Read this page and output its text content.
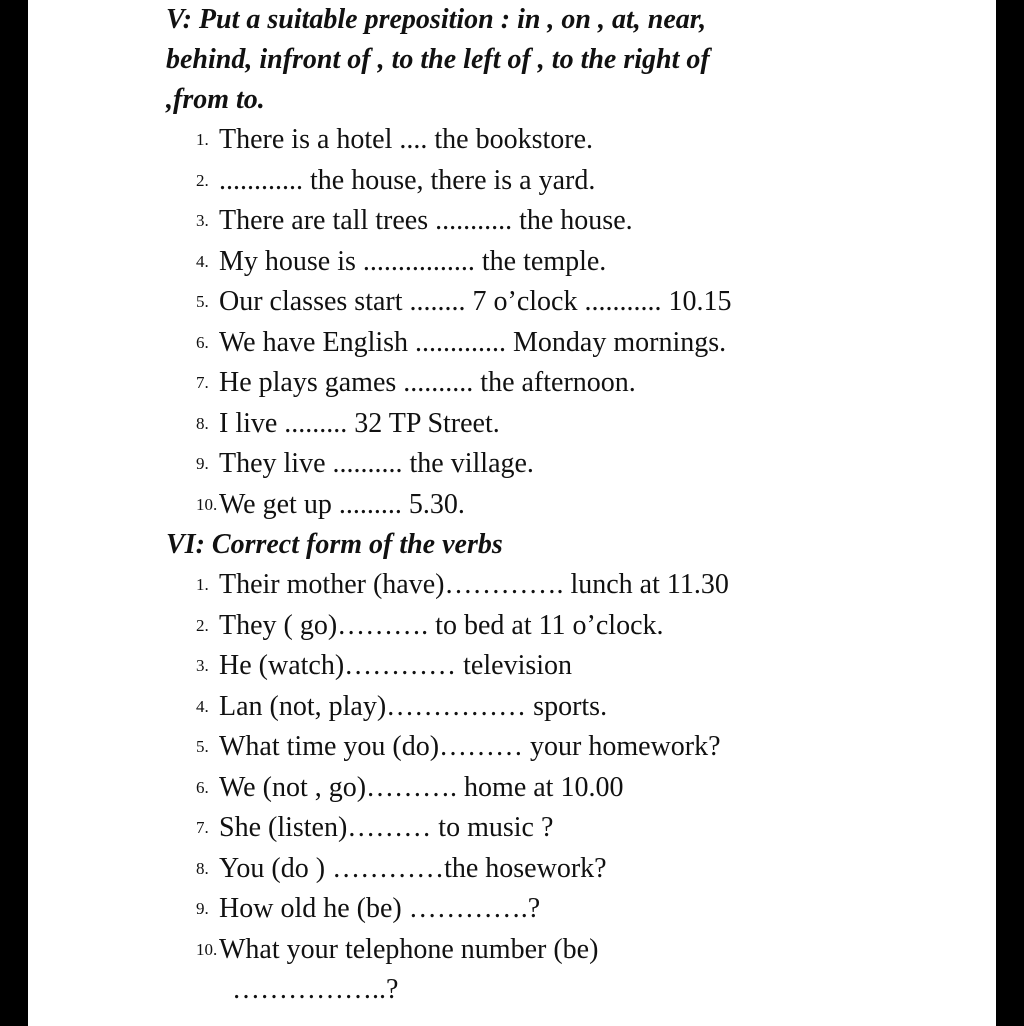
V: Put a suitable preposition : in , on , at, near,

behind, infront of , to the left of , to the right of

,from to.

1. There is a hotel .... the bookstore.
2. ............ the house, there is a yard.
3. There are tall trees ........... the house.
4. My house is ................ the temple.
5. Our classes start ........ 7 o’clock ........... 10.15
6. We have English ............. Monday mornings.
7. He plays games .......... the afternoon.
8. I live ......... 32 TP Street.
9. They live .......... the village.
10. We get up ......... 5.30.

VI: Correct form of the verbs

1. Their mother (have)…………. lunch at 11.30
2. They ( go)………. to bed at 11 o’clock.
3. He (watch)………… television
4. Lan (not, play)…………… sports.
5. What time you (do)……… your homework?
6. We (not , go)………. home at 10.00
7. She (listen)……… to music ?
8. You (do ) …………the hosework?
9. How old he (be) ………….?
10. What your telephone number (be)
……………..?
